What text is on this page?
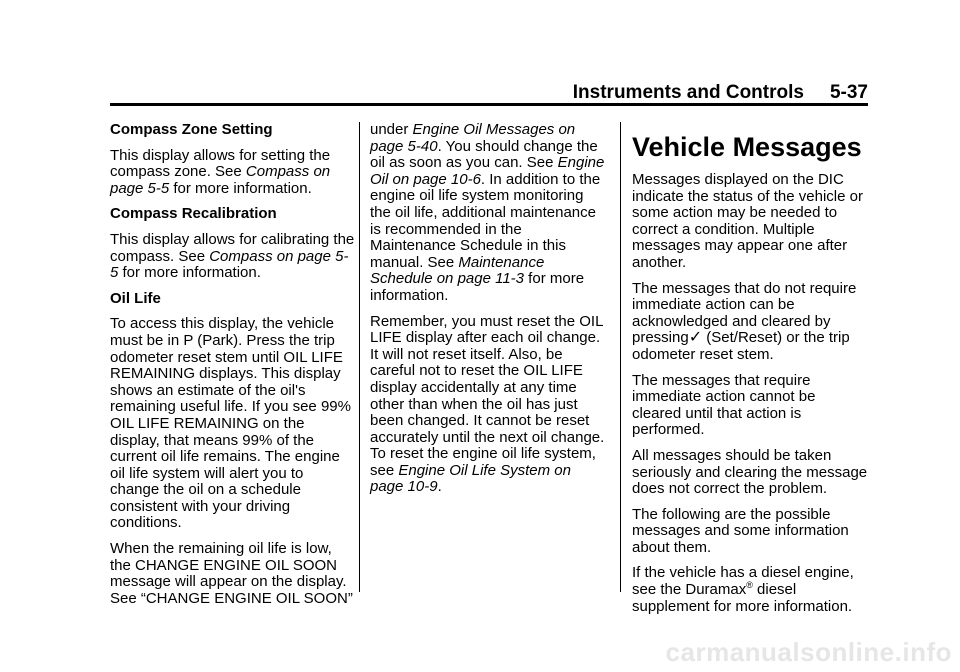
Instruments and Controls 5-37

Compass Zone Setting

This display allows for setting the compass zone. See Compass on page 5-5 for more information.

Compass Recalibration

This display allows for calibrating the compass. See Compass on page 5-5 for more information.

Oil Life

To access this display, the vehicle must be in P (Park). Press the trip odometer reset stem until OIL LIFE REMAINING displays. This display shows an estimate of the oil's remaining useful life. If you see 99% OIL LIFE REMAINING on the display, that means 99% of the current oil life remains. The engine oil life system will alert you to change the oil on a schedule consistent with your driving conditions.

When the remaining oil life is low, the CHANGE ENGINE OIL SOON message will appear on the display. See “CHANGE ENGINE OIL SOON”

under Engine Oil Messages on page 5-40. You should change the oil as soon as you can. See Engine Oil on page 10-6. In addition to the engine oil life system monitoring the oil life, additional maintenance is recommended in the Maintenance Schedule in this manual. See Maintenance Schedule on page 11-3 for more information.

Remember, you must reset the OIL LIFE display after each oil change. It will not reset itself. Also, be careful not to reset the OIL LIFE display accidentally at any time other than when the oil has just been changed. It cannot be reset accurately until the next oil change. To reset the engine oil life system, see Engine Oil Life System on page 10-9.

Vehicle Messages

Messages displayed on the DIC indicate the status of the vehicle or some action may be needed to correct a condition. Multiple messages may appear one after another.

The messages that do not require immediate action can be acknowledged and cleared by pressing✓ (Set/Reset) or the trip odometer reset stem.

The messages that require immediate action cannot be cleared until that action is performed.

All messages should be taken seriously and clearing the message does not correct the problem.

The following are the possible messages and some information about them.

If the vehicle has a diesel engine, see the Duramax® diesel supplement for more information.

carmanualsonline.info
